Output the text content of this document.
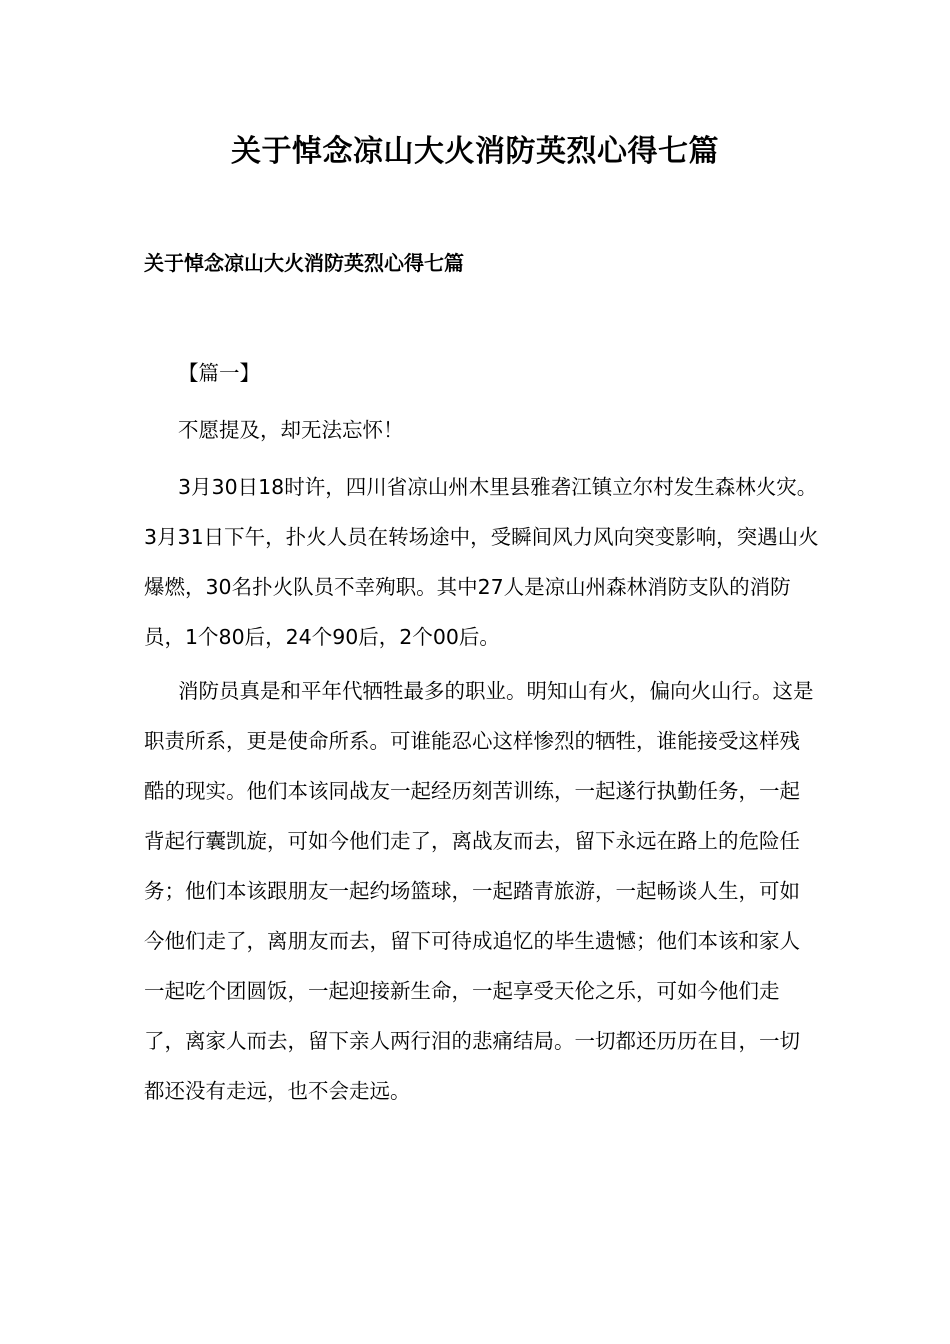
关于悼念凉山大火消防英烈心得七篇
关于悼念凉山大火消防英烈心得七篇

【篇一】

不愿提及，却无法忘怀！

3月30日18时许，四川省凉山州木里县雅砻江镇立尔村发生森林火灾。3月31日下午，扑火人员在转场途中，受瞬间风力风向突变影响，突遇山火爆燃，30名扑火队员不幸殉职。其中27人是凉山州森林消防支队的消防员，1个80后，24个90后，2个00后。

消防员真是和平年代牺牲最多的职业。明知山有火，偏向火山行。这是职责所系，更是使命所系。可谁能忍心这样惨烈的牺牲，谁能接受这样残酷的现实。他们本该同战友一起经历刻苦训练，一起遂行执勤任务，一起背起行囊凯旋，可如今他们走了，离战友而去，留下永远在路上的危险任务；他们本该跟朋友一起约场篮球，一起踏青旅游，一起畅谈人生，可如今他们走了，离朋友而去，留下可待成追忆的毕生遗憾；他们本该和家人一起吃个团圆饭，一起迎接新生命，一起享受天伦之乐，可如今他们走了，离家人而去，留下亲人两行泪的悲痛结局。一切都还历历在目，一切都还没有走远，也不会走远。
